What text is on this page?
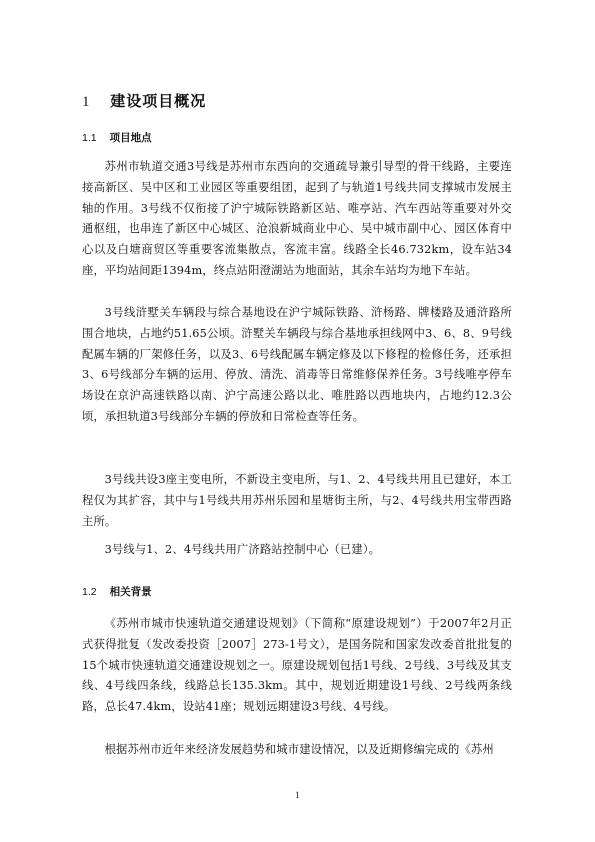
1 建设项目概况
1.1 项目地点

苏州市轨道交通3号线是苏州市东西向的交通疏导兼引导型的骨干线路，主要连接高新区、吴中区和工业园区等重要组团，起到了与轨道1号线共同支撑城市发展主轴的作用。3号线不仅衔接了沪宁城际铁路新区站、唯亭站、汽车西站等重要对外交通枢纽，也串连了新区中心城区、沧浪新城商业中心、吴中城市副中心、园区体育中心以及白塘商贸区等重要客流集散点，客流丰富。线路全长46.732km，设车站34座，平均站间距1394m，终点站阳澄湖站为地面站，其余车站均为地下车站。

3号线浒墅关车辆段与综合基地设在沪宁城际铁路、浒杨路、牌楼路及通浒路所围合地块，占地约51.65公顷。浒墅关车辆段与综合基地承担线网中3、6、8、9号线配属车辆的厂架修任务，以及3、6号线配属车辆定修及以下修程的检修任务，还承担3、6号线部分车辆的运用、停放、清洗、消毒等日常维修保养任务。3号线唯亭停车场设在京沪高速铁路以南、沪宁高速公路以北、唯胜路以西地块内，占地约12.3公顷，承担轨道3号线部分车辆的停放和日常检查等任务。

3号线共设3座主变电所，不新设主变电所，与1、2、4号线共用且已建好，本工程仅为其扩容，其中与1号线共用苏州乐园和星塘街主所，与2、4号线共用宝带西路主所。

3号线与1、2、4号线共用广济路站控制中心（已建）。

1.2 相关背景

《苏州市城市快速轨道交通建设规划》（下简称“原建设规划”）于2007年2月正式获得批复（发改委投资［2007］273-1号文），是国务院和国家发改委首批批复的15个城市快速轨道交通建设规划之一。原建设规划包括1号线、2号线、3号线及其支线、4号线四条线，线路总长135.3km。其中，规划近期建设1号线、2号线两条线路，总长47.4km，设站41座；规划远期建设3号线、4号线。

根据苏州市近年来经济发展趋势和城市建设情况，以及近期修编完成的《苏州

1
